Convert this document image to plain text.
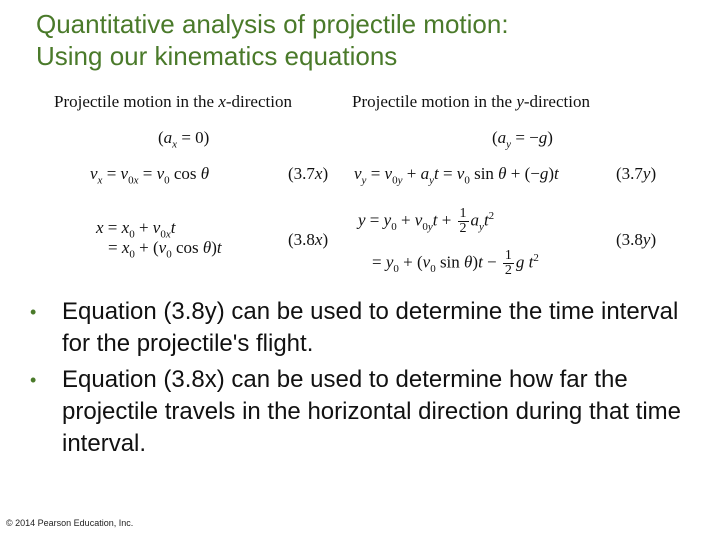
Quantitative analysis of projectile motion:
Using our kinematics equations
Projectile motion in the x-direction	Projectile motion in the y-direction
$(a_x = 0)$	$(a_y = -g)$
$v_x = v_{0x} = v_0$ cos θ	(3.7x) $v_y = v_{0y} + a_yt = v_0$ sin θ + (−g)t	(3.7y)
$x = x_0 + v_{0x}t$
= $x_0 + (v_0$ cos θ)t	(3.8x)
$y = y_0 + v_{0y}t + \frac{1}{2} a_yt^2$
= $y_0 + (v_0$ $\sin \theta)t - \frac{1}{2}$ g $t^2$
(3.8y)
• Equation (3.8y) can be used to determine the time interval for the projectile's flight.
• Equation (3.8x) can be used to determine how far the projectile travels in the horizontal direction during that time interval.
© 2014 Pearson Education, Inc.
